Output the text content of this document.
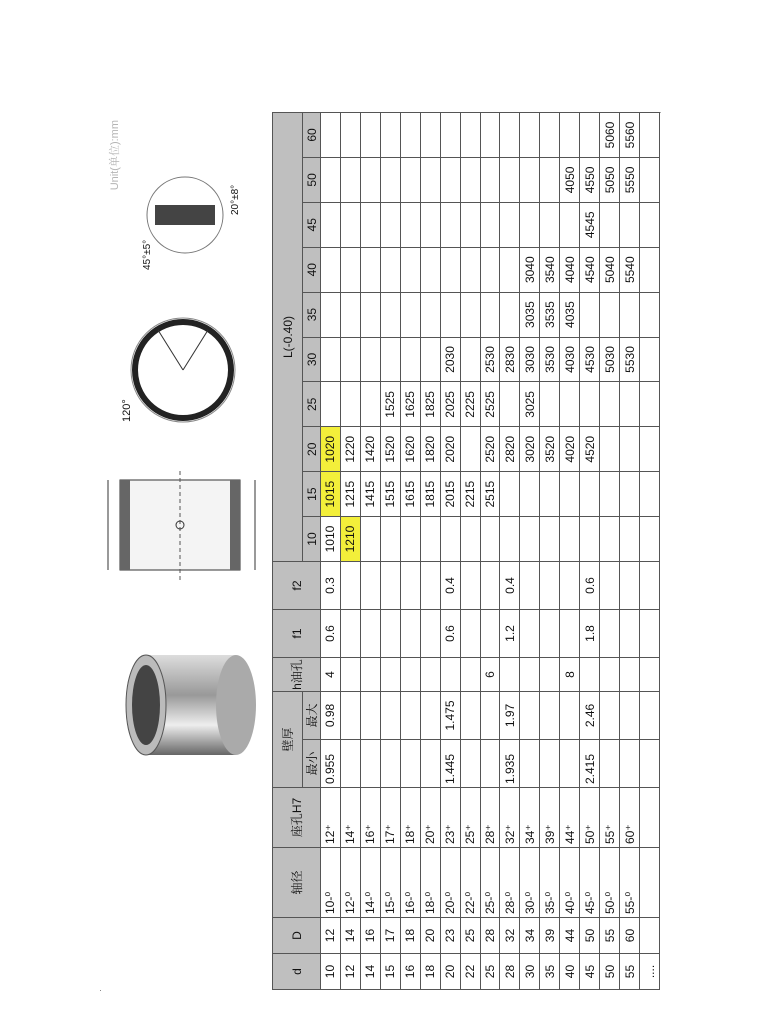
Unit(单位):mm
120°
45°±5°
20°±8°
d	D	轴径	座孔H7	壁厚		h油孔	f1	f2	L(-0.40)									
				最小	最大				10	15	20	25	30	35	40	45	50	60
10	12	10-⁰	12⁺	0.955	0.98	4	0.6	0.3	1010	1015	1020							
12	14	12-⁰	14⁺						1210	1215	1220							
14	16	14-⁰	16⁺							1415	1420							
15	17	15-⁰	17⁺							1515	1520	1525						
16	18	16-⁰	18⁺							1615	1620	1625						
18	20	18-⁰	20⁺							1815	1820	1825						
20	23	20-⁰	23⁺	1.445	1.475		0.6	0.4		2015	2020	2025	2030					
22	25	22-⁰	25⁺							2215		2225						
25	28	25-⁰	28⁺			6				2515	2520	2525	2530					
28	32	28-⁰	32⁺	1.935	1.97		1.2	0.4			2820		2830					
30	34	30-⁰	34⁺								3020	3025	3030	3035	3040			
35	39	35-⁰	39⁺								3520		3530	3535	3540			
40	44	40-⁰	44⁺			8					4020		4030	4035	4040		4050	
45	50	45-⁰	50⁺	2.415	2.46		1.8	0.6			4520		4530		4540	4545	4550	
50	55	50-⁰	55⁺										5030		5040		5050	5060
55	60	55-⁰	60⁺										5530		5540		5550	5560
....																		
